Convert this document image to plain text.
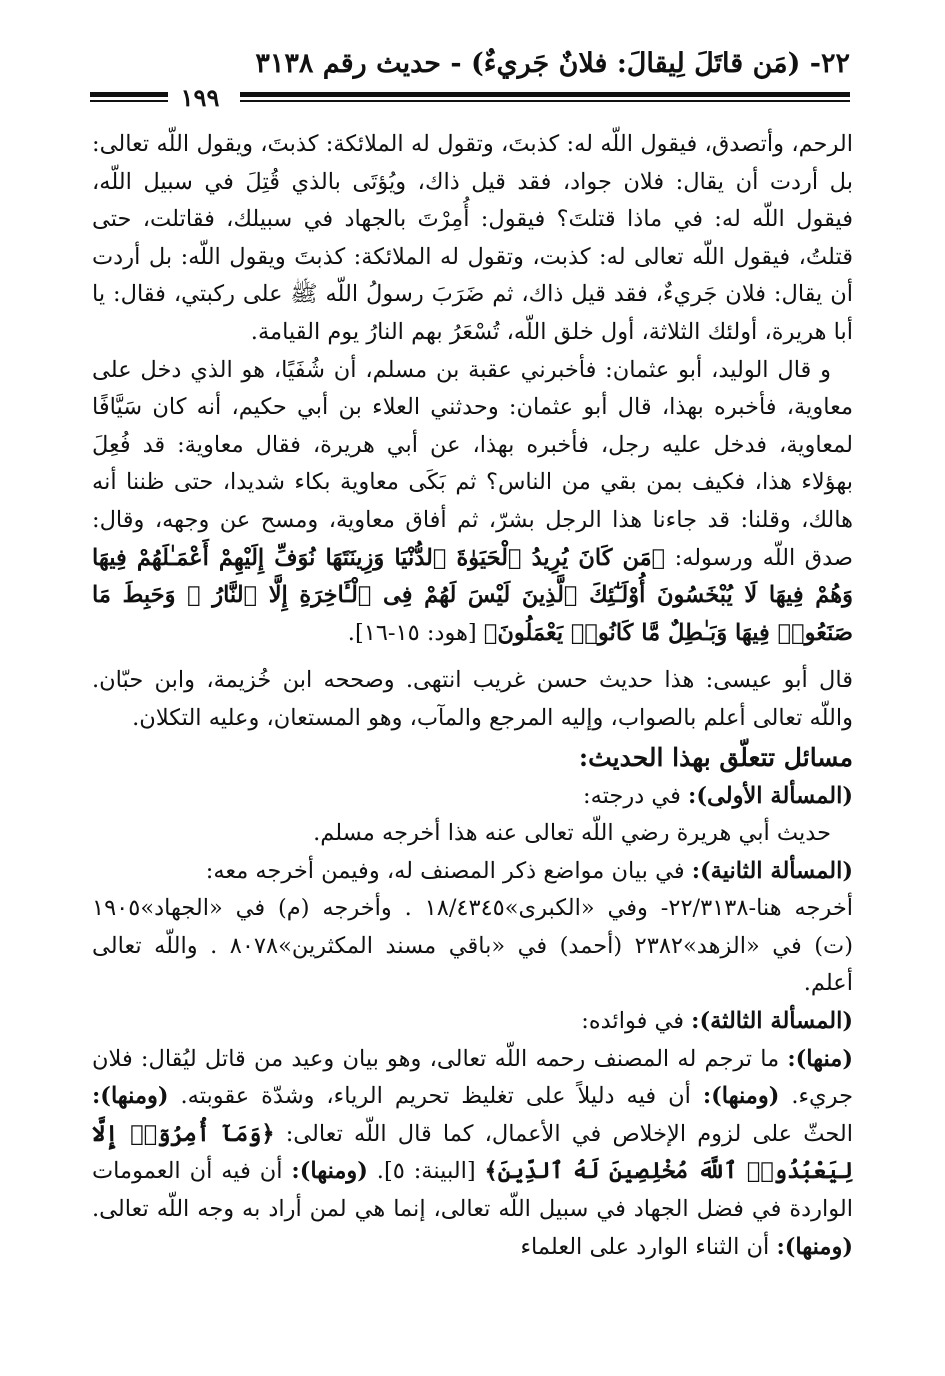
٢٢- (مَن قاتَلَ لِيقالَ: فلانٌ جَريءٌ) - حديث رقم ٣١٣٨
١٩٩

الرحم، وأتصدق، فيقول اللّه له: كذبتَ، وتقول له الملائكة: كذبتَ، ويقول اللّه تعالى: بل أردت أن يقال: فلان جواد، فقد قيل ذاك، ويُؤتَى بالذي قُتِلَ في سبيل اللّه، فيقول اللّه له: في ماذا قتلتَ؟ فيقول: أُمِرْتَ بالجهاد في سبيلك، فقاتلت، حتى قتلتُ، فيقول اللّه تعالى له: كذبت، وتقول له الملائكة: كذبتَ ويقول اللّه: بل أردت أن يقال: فلان جَريءٌ، فقد قيل ذاك، ثم ضَرَبَ رسولُ اللّه ﷺ على ركبتي، فقال: يا أبا هريرة، أولئك الثلاثة، أول خلق اللّه، تُسْعَرُ بهم النارُ يوم القيامة.

و قال الوليد، أبو عثمان: فأخبرني عقبة بن مسلم، أن شُفَيًا، هو الذي دخل على معاوية، فأخبره بهذا، قال أبو عثمان: وحدثني العلاء بن أبي حكيم، أنه كان سَيَّافًا لمعاوية، فدخل عليه رجل، فأخبره بهذا، عن أبي هريرة، فقال معاوية: قد فُعِلَ بهؤلاء هذا، فكيف بمن بقي من الناس؟ ثم بَكَى معاوية بكاء شديدا، حتى ظننا أنه هالك، وقلنا: قد جاءنا هذا الرجل بشرّ، ثم أفاق معاوية، ومسح عن وجهه، وقال: صدق اللّه ورسوله: ﴿مَن كَانَ يُرِيدُ ٱلْحَيَوٰةَ ٱلدُّنْيَا وَزِينَتَهَا نُوَفِّ إِلَيْهِمْ أَعْمَـٰلَهُمْ فِيهَا وَهُمْ فِيهَا لَا يُبْخَسُونَ أُوْلَـٰٓئِكَ ٱلَّذِينَ لَيْسَ لَهُمْ فِى ٱلْـَٔاخِرَةِ إِلَّا ٱلنَّارُ ۖ وَحَبِطَ مَا صَنَعُوا۟ فِيهَا وَبَـٰطِلٌ مَّا كَانُوا۟ يَعْمَلُونَ﴾ [هود: ١٥-١٦].

قال أبو عيسى: هذا حديث حسن غريب انتهى. وصححه ابن خُزيمة، وابن حبّان. واللّه تعالى أعلم بالصواب، وإليه المرجع والمآب، وهو المستعان، وعليه التكلان.

مسائل تتعلّق بهذا الحديث:

(المسألة الأولى): في درجته:

حديث أبي هريرة رضي اللّه تعالى عنه هذا أخرجه مسلم.

(المسألة الثانية): في بيان مواضع ذكر المصنف له، وفيمن أخرجه معه:

أخرجه هنا-٢٢/٣١٣٨- وفي «الكبرى»١٨/٤٣٤٥ . وأخرجه (م) في «الجهاد»١٩٠٥ (ت) في «الزهد»٢٣٨٢ (أحمد) في «باقي مسند المكثرين»٨٠٧٨ . واللّه تعالى أعلم.

(المسألة الثالثة): في فوائده:

(منها): ما ترجم له المصنف رحمه اللّه تعالى، وهو بيان وعيد من قاتل ليُقال: فلان جريء. (ومنها): أن فيه دليلاً على تغليظ تحريم الرياء، وشدّة عقوبته. (ومنها): الحثّ على لزوم الإخلاص في الأعمال، كما قال اللّه تعالى: ﴿وَمَآ أُمِرُوٓا۟ إِلَّا لِيَعْبُدُوا۟ ٱللَّهَ مُخْلِصِينَ لَهُ ٱلدِّينَ﴾ [البينة: ٥]. (ومنها): أن فيه أن العمومات الواردة في فضل الجهاد في سبيل اللّه تعالى، إنما هي لمن أراد به وجه اللّه تعالى. (ومنها): أن الثناء الوارد على العلماء
